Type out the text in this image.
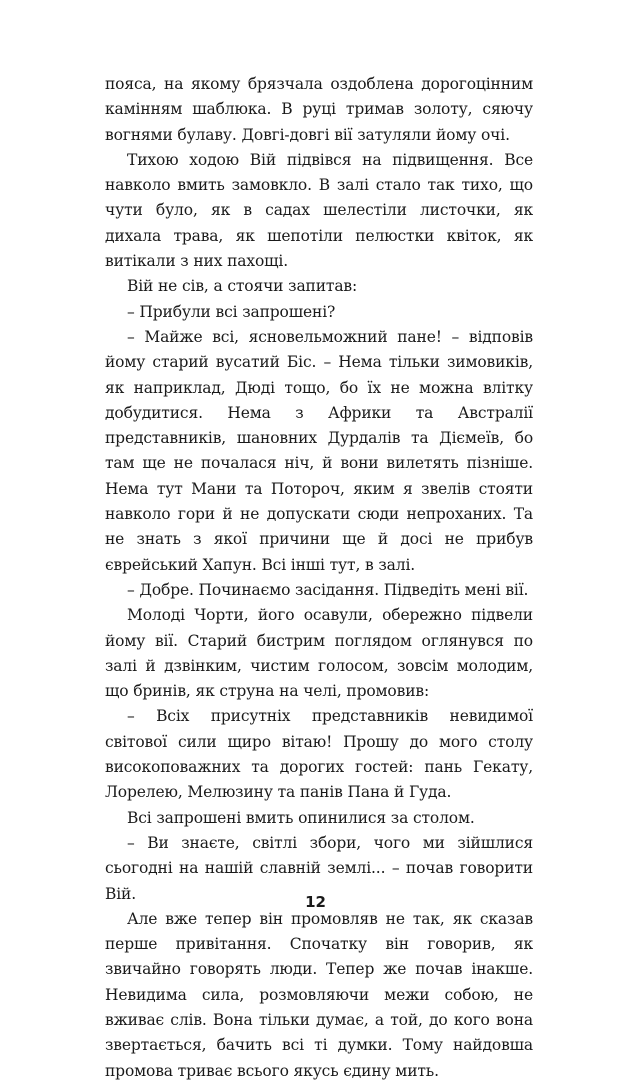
пояса, на якому брязчала оздоблена дорогоцінним камінням шаблюка. В руці тримав золоту, сяючу вогнями булаву. Довгі-довгі вії затуляли йому очі.

Тихою ходою Вій підвівся на підвищення. Все навколо вмить замовкло. В залі стало так тихо, що чути було, як в садах шелестіли листочки, як дихала трава, як шепотіли пелюстки квіток, як витікали з них пахощі.

Вій не сів, а стоячи запитав:

– Прибули всі запрошені?

– Майже всі, ясновельможний пане! – відповів йому старий вусатий Біс. – Нема тільки зимовиків, як наприклад, Дюді тощо, бо їх не можна влітку добудитися. Нема з Африки та Австралії представників, шановних Дурдалів та Діємеїв, бо там ще не почалася ніч, й вони вилетять пізніше. Нема тут Мани та Потороч, яким я звелів стояти навколо гори й не допускати сюди непроханих. Та не знать з якої причини ще й досі не прибув єврейський Хапун. Всі інші тут, в залі.

– Добре. Починаємо засідання. Підведіть мені вії.

Молоді Чорти, його осавули, обережно підвели йому вії. Старий бистрим поглядом оглянувся по залі й дзвінким, чистим голосом, зовсім молодим, що бринів, як струна на челі, промовив:

– Всіх присутніх представників невидимої світової сили щиро вітаю! Прошу до мого столу високоповажних та дорогих гостей: пань Гекату, Лорелею, Мелюзину та панів Пана й Гуда.

Всі запрошені вмить опинилися за столом.

– Ви знаєте, світлі збори, чого ми зійшлися сьогодні на нашій славній землі... – почав говорити Вій.

Але вже тепер він промовляв не так, як сказав перше привітання. Спочатку він говорив, як звичайно говорять люди. Тепер же почав інакше. Невидима сила, розмовляючи межи собою, не вживає слів. Вона тільки думає, а той, до кого вона звертається, бачить всі ті думки. Тому найдовша промова триває всього якусь єдину мить.

12
